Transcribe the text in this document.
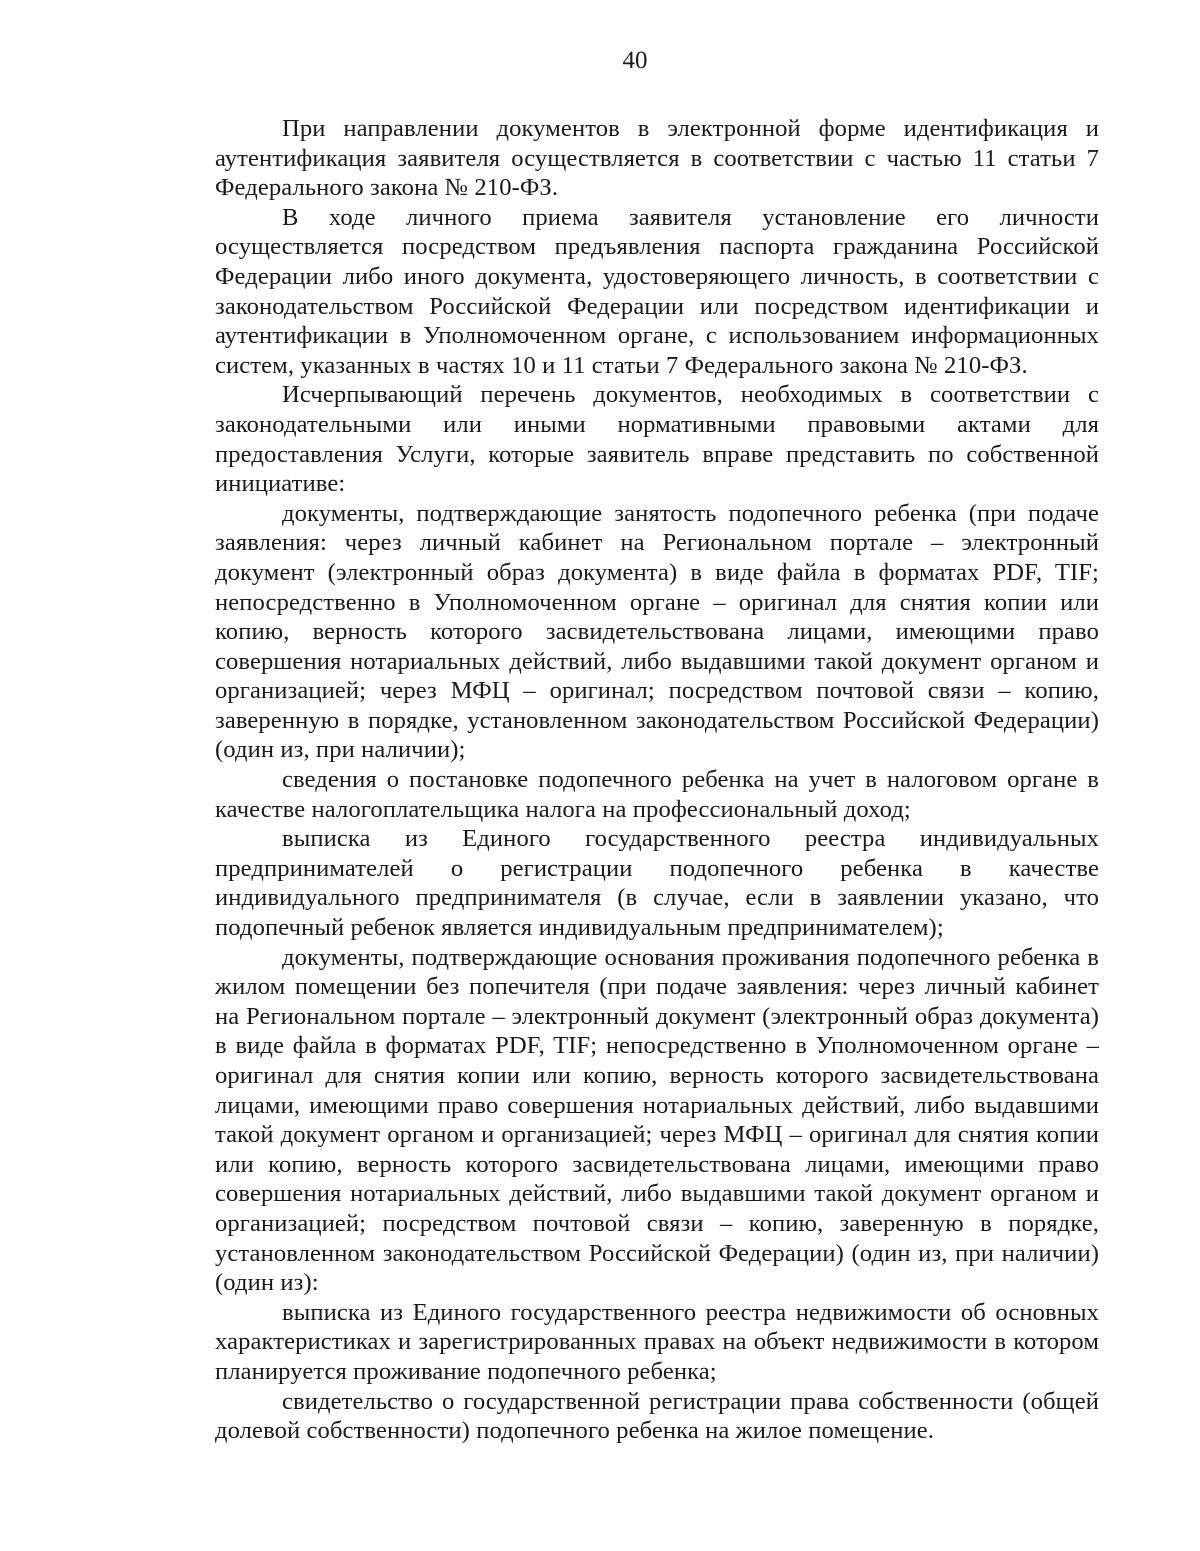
40

При направлении документов в электронной форме идентификация и аутентификация заявителя осуществляется в соответствии с частью 11 статьи 7 Федерального закона № 210-ФЗ.

В ходе личного приема заявителя установление его личности осуществляется посредством предъявления паспорта гражданина Российской Федерации либо иного документа, удостоверяющего личность, в соответствии с законодательством Российской Федерации или посредством идентификации и аутентификации в Уполномоченном органе, с использованием информационных систем, указанных в частях 10 и 11 статьи 7 Федерального закона № 210-ФЗ.

Исчерпывающий перечень документов, необходимых в соответствии с законодательными или иными нормативными правовыми актами для предоставления Услуги, которые заявитель вправе представить по собственной инициативе:

документы, подтверждающие занятость подопечного ребенка (при подаче заявления: через личный кабинет на Региональном портале – электронный документ (электронный образ документа) в виде файла в форматах PDF, TIF; непосредственно в Уполномоченном органе – оригинал для снятия копии или копию, верность которого засвидетельствована лицами, имеющими право совершения нотариальных действий, либо выдавшими такой документ органом и организацией; через МФЦ – оригинал; посредством почтовой связи – копию, заверенную в порядке, установленном законодательством Российской Федерации) (один из, при наличии);

сведения о постановке подопечного ребенка на учет в налоговом органе в качестве налогоплательщика налога на профессиональный доход;

выписка из Единого государственного реестра индивидуальных предпринимателей о регистрации подопечного ребенка в качестве индивидуального предпринимателя (в случае, если в заявлении указано, что подопечный ребенок является индивидуальным предпринимателем);

документы, подтверждающие основания проживания подопечного ребенка в жилом помещении без попечителя (при подаче заявления: через личный кабинет на Региональном портале – электронный документ (электронный образ документа) в виде файла в форматах PDF, TIF; непосредственно в Уполномоченном органе – оригинал для снятия копии или копию, верность которого засвидетельствована лицами, имеющими право совершения нотариальных действий, либо выдавшими такой документ органом и организацией; через МФЦ – оригинал для снятия копии или копию, верность которого засвидетельствована лицами, имеющими право совершения нотариальных действий, либо выдавшими такой документ органом и организацией; посредством почтовой связи – копию, заверенную в порядке, установленном законодательством Российской Федерации) (один из, при наличии) (один из):

выписка из Единого государственного реестра недвижимости об основных характеристиках и зарегистрированных правах на объект недвижимости в котором планируется проживание подопечного ребенка;

свидетельство о государственной регистрации права собственности (общей долевой собственности) подопечного ребенка на жилое помещение.
